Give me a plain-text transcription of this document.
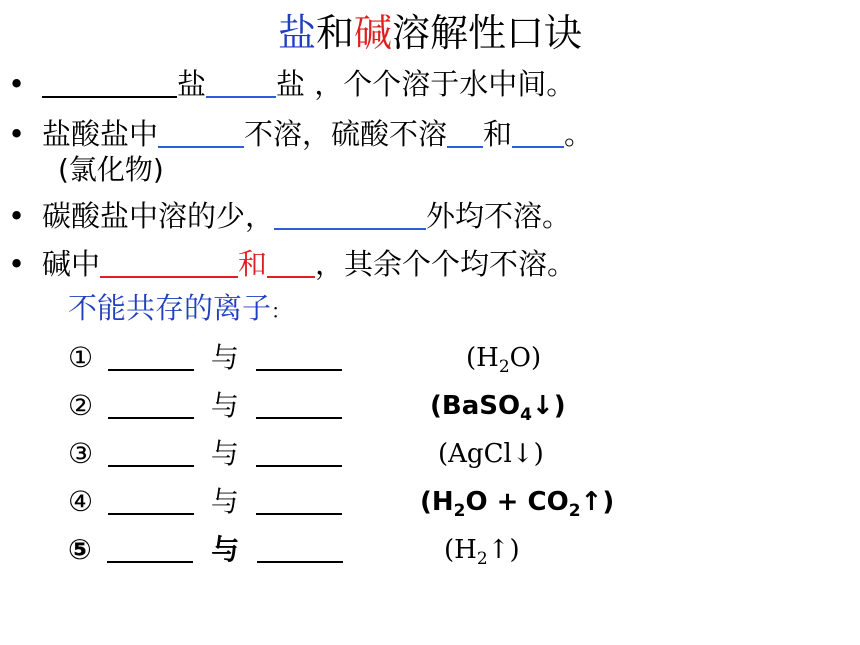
盐和碱溶解性口诀
•	盐 盐 ，个个溶于水中间。
• 盐酸盐中	不溶，硫酸不溶 和 。
(氯化物)
• 碳酸盐中溶的少，	外均不溶。
• 碱中	和 ，其余个个均不溶。
不能共存的离子：
①	与	$(H_2O)$
②	与	(BaSO$_4$↓)
③	与	(AgCl↓)
④	与	($H_2O$ + $CO_2↑$)
⑤	与	$(H_2↑)$
